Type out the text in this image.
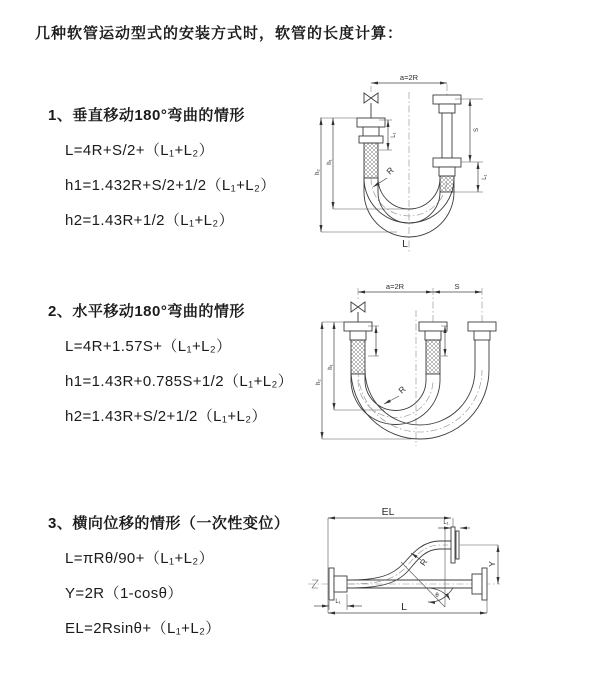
几种软管运动型式的安装方式时，软管的长度计算：
1、垂直移动180°弯曲的情形

L=4R+S/2+（L₁+L₂）

h1=1.432R+S/2+1/2（L₁+L₂）

h2=1.43R+1/2（L₁+L₂）

2、水平移动180°弯曲的情形

L=4R+1.57S+（L₁+L₂）

h1=1.43R+0.785S+1/2（L₁+L₂）

h2=1.43R+S/2+1/2（L₁+L₂）

3、横向位移的情形（一次性变位）

L=πRθ/90+（L₁+L₂）

Y=2R（1-cosθ）

EL=2Rsinθ+（L₁+L₂）

a=2R
h₁
h₂
S
L₁
L₁
R
L
a=2R	S
h₁
h₂
R
EL
L₁
Y
θ
R
L
L₁
